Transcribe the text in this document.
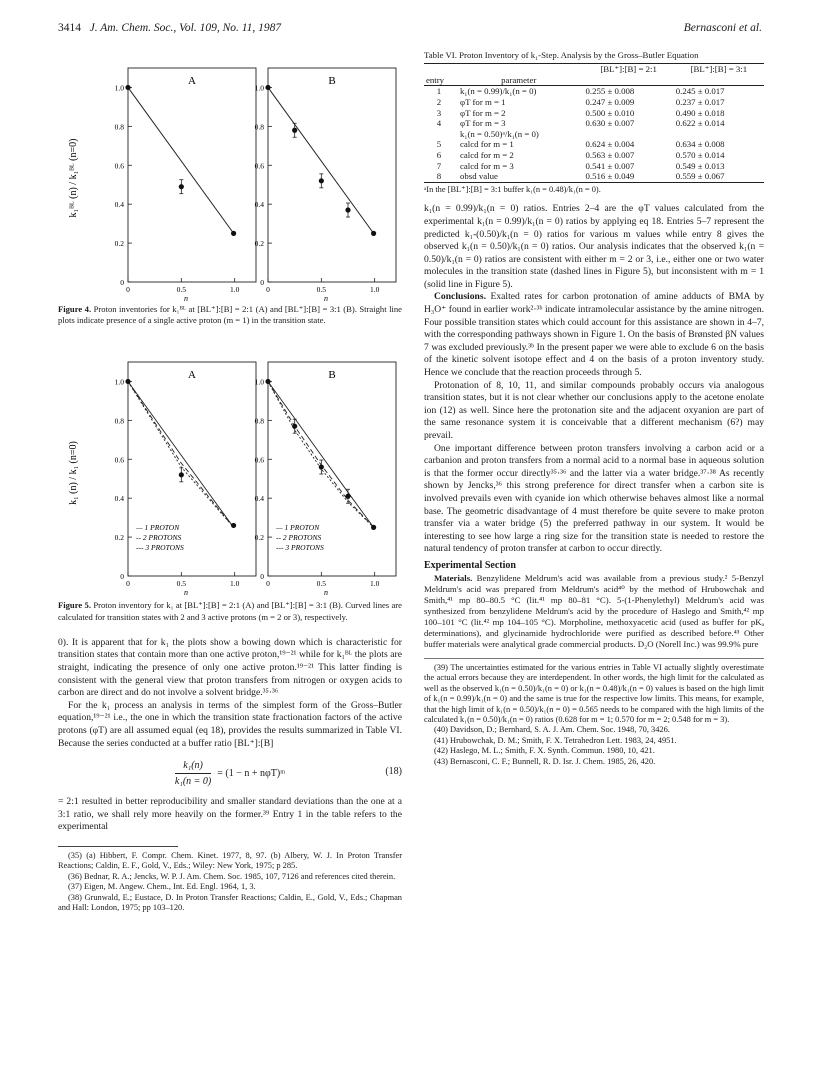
3414 J. Am. Chem. Soc., Vol. 109, No. 11, 1987	Bernasconi et al.
k₁ᴮᴸ (n) / k₁ᴮᴸ (n=0)
0
0.2
0.4
0.6
0.8
1.0
0	0.5	1.0
n
A
0
0.2
0.4
0.6
0.8
1.0
0	0.5	1.0
n
B
Figure 4. Proton inventories for k₁ᴮᴸ at [BL⁺]:[B] = 2:1 (A) and [BL⁺]:[B] = 3:1 (B). Straight line plots indicate presence of a single active proton (m = 1) in the transition state.
k₁ (n) / k₁ (n=0)
0
0.2
0.4
0.6
0.8
1.0
0	0.5	1.0
n
A
— 1 PROTON
-- 2 PROTONS
--- 3 PROTONS
0
0.2
0.4
0.6
0.8
1.0
0	0.5	1.0
n
B
— 1 PROTON
-- 2 PROTONS
--- 3 PROTONS
Figure 5. Proton inventory for k₁ at [BL⁺]:[B] = 2:1 (A) and [BL⁺]:[B] = 3:1 (B). Curved lines are calculated for transition states with 2 and 3 active protons (m = 2 or 3), respectively.

0). It is apparent that for k₁ the plots show a bowing down which is characteristic for transition states that contain more than one active proton,¹⁹⁻²¹ while for k₁ᴮᴸ the plots are straight, indicating the presence of only one active proton.¹⁹⁻²¹ This latter finding is consistent with the general view that proton transfers from nitrogen or oxygen acids to carbon are direct and do not involve a solvent bridge.³⁵·³⁶

For the k₁ process an analysis in terms of the simplest form of the Gross–Butler equation,¹⁹⁻²¹ i.e., the one in which the transition state fractionation factors of the active protons (φT) are all assumed equal (eq 18), provides the results summarized in Table VI. Because the series conducted at a buffer ratio [BL⁺]:[B]

$\frac{\text{k₁(n)}}{\text{k₁(n = 0)}} = (1 - n$ + nφT)ᵐ	(18)

= 2:1 resulted in better reproducibility and smaller standard deviations than the one at a 3:1 ratio, we shall rely more heavily on the former.³⁹ Entry 1 in the table refers to the experimental

(35) (a) Hibbert, F. Compr. Chem. Kinet. 1977, 8, 97. (b) Albery, W. J. In Proton Transfer Reactions; Caldin, E. F., Gold, V., Eds.; Wiley: New York, 1975; p 285.
(36) Bednar, R. A.; Jencks, W. P. J. Am. Chem. Soc. 1985, 107, 7126 and references cited therein.
(37) Eigen, M. Angew. Chem., Int. Ed. Engl. 1964, 1, 3.
(38) Grunwald, E.; Eustace, D. In Proton Transfer Reactions; Caldin, E., Gold, V., Eds.; Chapman and Hall: London, 1975; pp 103–120.
Table VI. Proton Inventory of k₁-Step. Analysis by the Gross–Butler Equation
		[BL⁺]:[B] = 2:1	[BL⁺]:[B] = 3:1
entry	parameter		
1	k₁(n = 0.99)/k₁(n = 0)	0.255 ± 0.008	0.245 ± 0.017
2	φT for m = 1	0.247 ± 0.009	0.237 ± 0.017
3	φT for m = 2	0.500 ± 0.010	0.490 ± 0.018
4	φT for m = 3	0.630 ± 0.007	0.622 ± 0.014
	k₁(n = 0.50)ᵃ/k₁(n = 0)		
5	calcd for m = 1	0.624 ± 0.004	0.634 ± 0.008
6	calcd for m = 2	0.563 ± 0.007	0.570 ± 0.014
7	calcd for m = 3	0.541 ± 0.007	0.549 ± 0.013
8	obsd value	0.516 ± 0.049	0.559 ± 0.067
ᵃIn the [BL⁺]:[B] = 3:1 buffer k₁(n = 0.48)/k₁(n = 0).

k₁(n = 0.99)/k₁(n = 0) ratios. Entries 2–4 are the φT values calculated from the experimental k₁(n = 0.99)/k₁(n = 0) ratios by applying eq 18. Entries 5–7 represent the predicted k₁-(0.50)/k₁(n = 0) ratios for various m values while entry 8 gives the observed k₁(n = 0.50)/k₁(n = 0) ratios. Our analysis indicates that the observed k₁(n = 0.50)/k₁(n = 0) ratios are consistent with either m = 2 or 3, i.e., either one or two water molecules in the transition state (dashed lines in Figure 5), but inconsistent with m = 1 (solid line in Figure 5).

Conclusions. Exalted rates for carbon protonation of amine adducts of BMA by H₃O⁺ found in earlier work²·³ᵇ indicate intramolecular assistance by the amine nitrogen. Four possible transition states which could account for this assistance are shown in 4–7, with the corresponding pathways shown in Figure 1. On the basis of Brønsted βN values 7 was excluded previously.³ᵇ In the present paper we were able to exclude 6 on the basis of the kinetic solvent isotope effect and 4 on the basis of a proton inventory study. Hence we conclude that the reaction proceeds through 5.

Protonation of 8, 10, 11, and similar compounds probably occurs via analogous transition states, but it is not clear whether our conclusions apply to the acetone enolate ion (12) as well. Since here the protonation site and the adjacent oxyanion are part of the same resonance system it is conceivable that a different mechanism (6?) may prevail.

One important difference between proton transfers involving a carbon acid or a carbanion and proton transfers from a normal acid to a normal base in aqueous solution is that the former occur directly³⁵·³⁶ and the latter via a water bridge.³⁷·³⁸ As recently shown by Jencks,³⁶ this strong preference for direct transfer when a carbon site is involved prevails even with cyanide ion which otherwise behaves almost like a normal base. The geometric disadvantage of 4 must therefore be quite severe to make proton transfer via a water bridge (5) the preferred pathway in our system. It would be interesting to see how large a ring size for the transition state is needed to restore the natural tendency of proton transfer at carbon to occur directly.

Experimental Section

Materials. Benzylidene Meldrum's acid was available from a previous study.² 5-Benzyl Meldrum's acid was prepared from Meldrum's acid⁴⁰ by the method of Hrubowchak and Smith,⁴¹ mp 80–80.5 °C (lit.⁴¹ mp 80–81 °C). 5-(1-Phenylethyl) Meldrum's acid was synthesized from benzylidene Meldrum's acid by the procedure of Haslego and Smith,⁴² mp 100–101 °C (lit.⁴² mp 104–105 °C). Morpholine, methoxyacetic acid (used as buffer for pKₐ determinations), and glycinamide hydrochloride were purified as described before.⁴³ Other buffer materials were analytical grade commercial products. D₂O (Norell Inc.) was 99.9% pure

(39) The uncertainties estimated for the various entries in Table VI actually slightly overestimate the actual errors because they are interdependent. In other words, the high limit for the calculated as well as the observed k₁(n = 0.50)/k₁(n = 0) or k₁(n = 0.48)/k₁(n = 0) values is based on the high limit of k₁(n = 0.99)/k₁(n = 0) and the same is true for the respective low limits. This means, for example, that the high limit of k₁(n = 0.50)/k₁(n = 0) = 0.565 needs to be compared with the high limits of the calculated k₁(n = 0.50)/k₁(n = 0) ratios (0.628 for m = 1; 0.570 for m = 2; 0.548 for m = 3).
(40) Davidson, D.; Bernhard, S. A. J. Am. Chem. Soc. 1948, 70, 3426.
(41) Hrubowchak, D. M.; Smith, F. X. Tetrahedron Lett. 1983, 24, 4951.
(42) Haslego, M. L.; Smith, F. X. Synth. Commun. 1980, 10, 421.
(43) Bernasconi, C. F.; Bunnell, R. D. Isr. J. Chem. 1985, 26, 420.
